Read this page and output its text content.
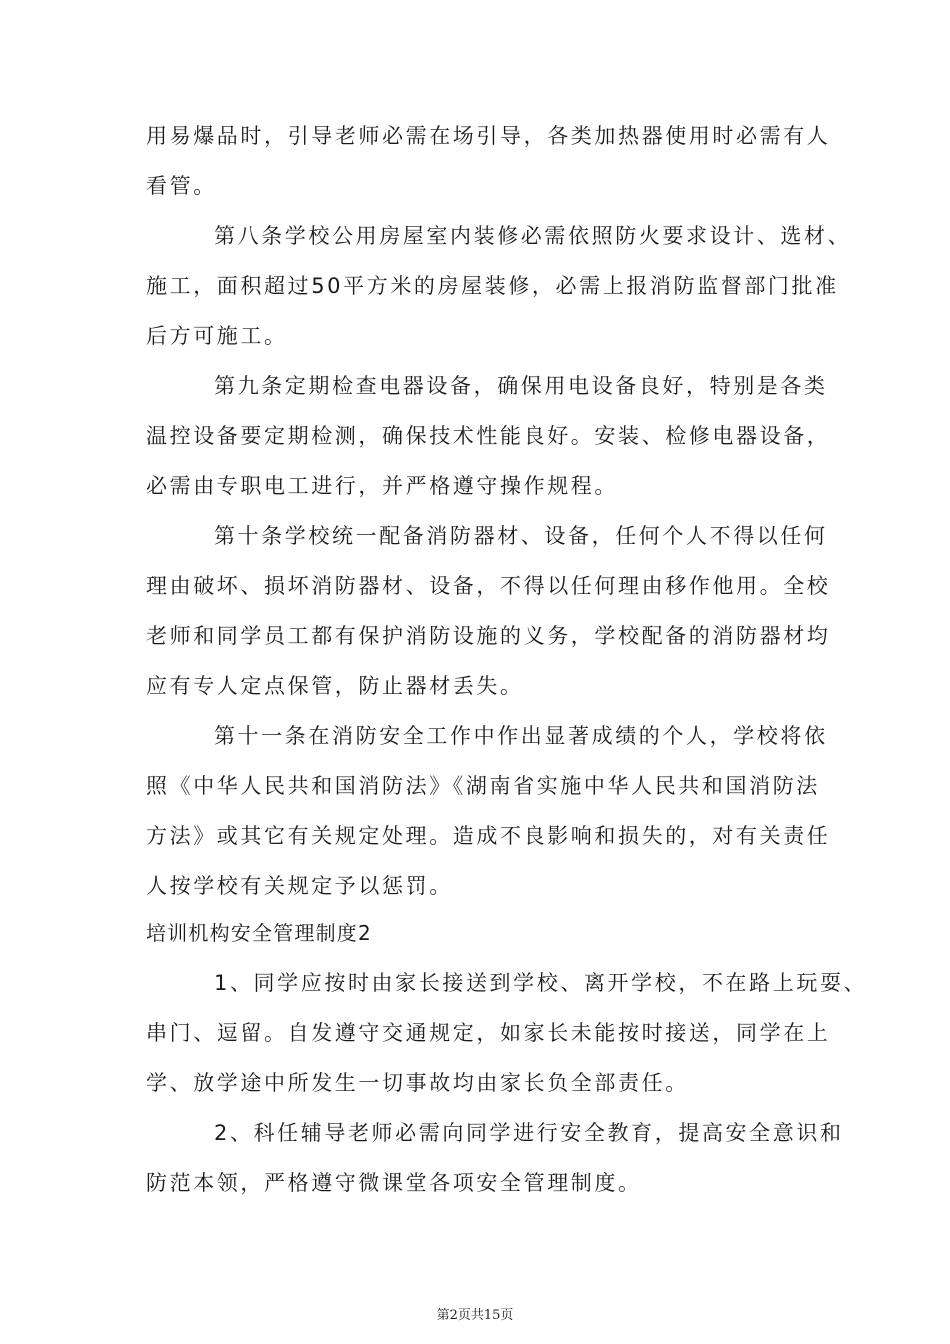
用易爆品时，引导老师必需在场引导，各类加热器使用时必需有人
看管。
第八条学校公用房屋室内装修必需依照防火要求设计、选材、
施工，面积超过50平方米的房屋装修，必需上报消防监督部门批准
后方可施工。
第九条定期检查电器设备，确保用电设备良好，特别是各类
温控设备要定期检测，确保技术性能良好。安装、检修电器设备，
必需由专职电工进行，并严格遵守操作规程。
第十条学校统一配备消防器材、设备，任何个人不得以任何
理由破坏、损坏消防器材、设备，不得以任何理由移作他用。全校
老师和同学员工都有保护消防设施的义务，学校配备的消防器材均
应有专人定点保管，防止器材丢失。
第十一条在消防安全工作中作出显著成绩的个人，学校将依
照《中华人民共和国消防法》《湖南省实施中华人民共和国消防法
方法》或其它有关规定处理。造成不良影响和损失的，对有关责任
人按学校有关规定予以惩罚。
培训机构安全管理制度2
1、同学应按时由家长接送到学校、离开学校，不在路上玩耍、
串门、逗留。自发遵守交通规定，如家长未能按时接送，同学在上
学、放学途中所发生一切事故均由家长负全部责任。
2、科任辅导老师必需向同学进行安全教育，提高安全意识和
防范本领，严格遵守微课堂各项安全管理制度。
第2页共15页
